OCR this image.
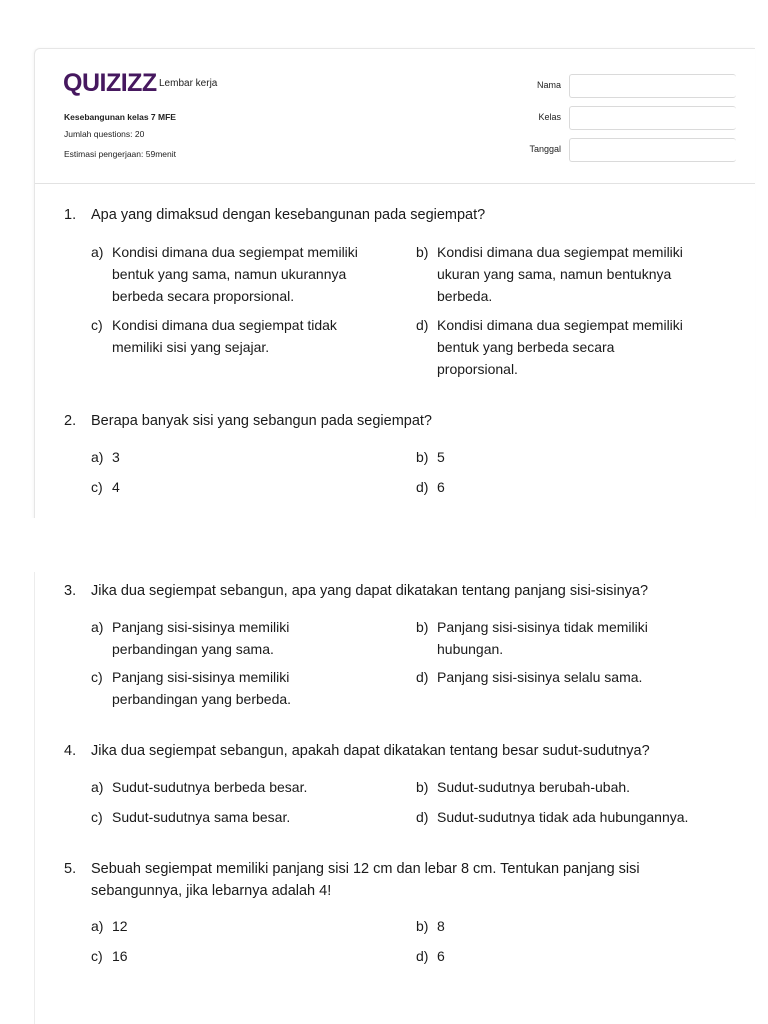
QUIZIZZ Lembar kerja
Kesebangunan kelas 7 MFE
Jumlah questions: 20
Estimasi pengerjaan: 59menit
Nama
Kelas
Tanggal
1.	Apa yang dimaksud dengan kesebangunan pada segiempat?
a) Kondisi dimana dua segiempat memiliki
bentuk yang sama, namun ukurannya
berbeda secara proporsional.
b) Kondisi dimana dua segiempat memiliki
ukuran yang sama, namun bentuknya
berbeda.
c) Kondisi dimana dua segiempat tidak
memiliki sisi yang sejajar.
d) Kondisi dimana dua segiempat memiliki
bentuk yang berbeda secara
proporsional.
2.	Berapa banyak sisi yang sebangun pada segiempat?
a) 3	b) 5
c) 4	d) 6
3.	Jika dua segiempat sebangun, apa yang dapat dikatakan tentang panjang sisi-sisinya?
a) Panjang sisi-sisinya memiliki
perbandingan yang sama.
b) Panjang sisi-sisinya tidak memiliki
hubungan.
c) Panjang sisi-sisinya memiliki
perbandingan yang berbeda.
d) Panjang sisi-sisinya selalu sama.
4.	Jika dua segiempat sebangun, apakah dapat dikatakan tentang besar sudut-sudutnya?
a) Sudut-sudutnya berbeda besar.	b) Sudut-sudutnya berubah-ubah.
c) Sudut-sudutnya sama besar.	d) Sudut-sudutnya tidak ada hubungannya.
5.	Sebuah segiempat memiliki panjang sisi 12 cm dan lebar 8 cm. Tentukan panjang sisi
sebangunnya, jika lebarnya adalah 4!
a) 12	b) 8
c) 16	d) 6
